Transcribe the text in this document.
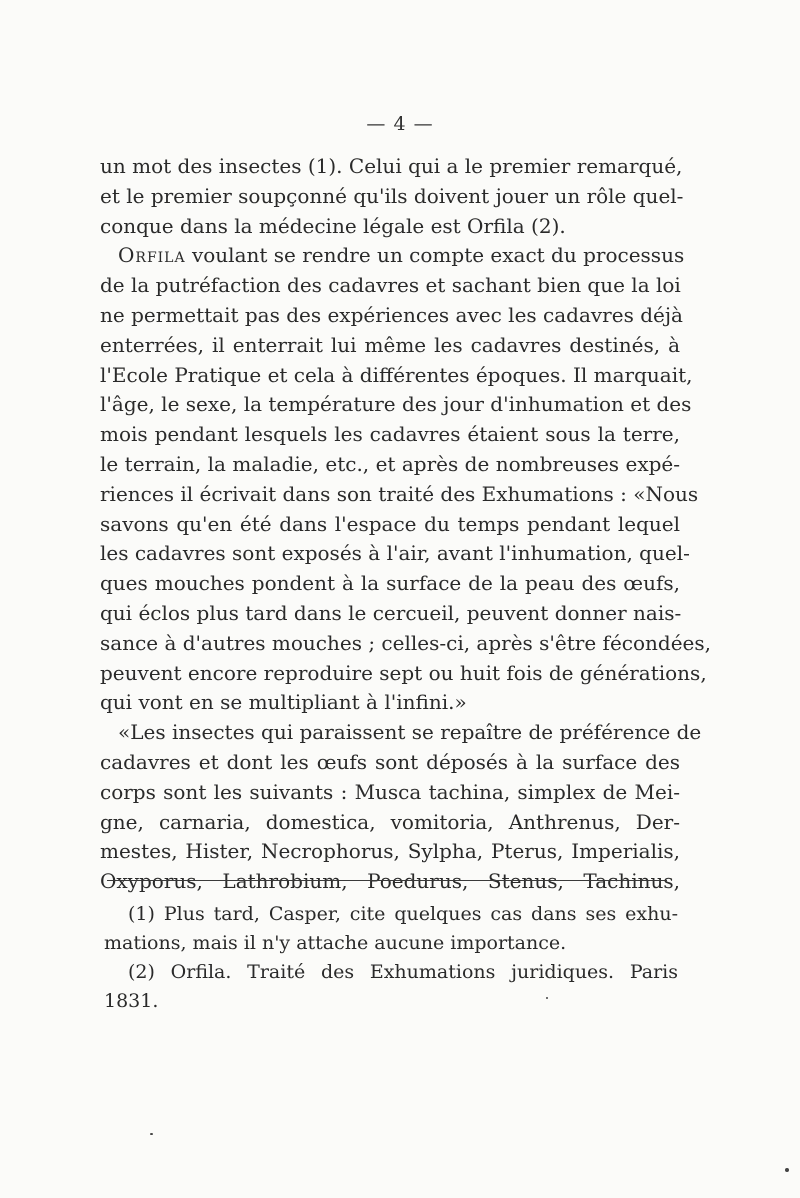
— 4 —
un mot des insectes (1). Celui qui a le premier remarqué,
et le premier soupçonné qu'ils doivent jouer un rôle quel-
conque dans la médecine légale est Orfila (2).
Orfila voulant se rendre un compte exact du processus
de la putréfaction des cadavres et sachant bien que la loi
ne permettait pas des expériences avec les cadavres déjà
enterrées, il enterrait lui même les cadavres destinés, à
l'Ecole Pratique et cela à différentes époques. Il marquait,
l'âge, le sexe, la température des jour d'inhumation et des
mois pendant lesquels les cadavres étaient sous la terre,
le terrain, la maladie, etc., et après de nombreuses expé-
riences il écrivait dans son traité des Exhumations : «Nous
savons qu'en été dans l'espace du temps pendant lequel
les cadavres sont exposés à l'air, avant l'inhumation, quel-
ques mouches pondent à la surface de la peau des œufs,
qui éclos plus tard dans le cercueil, peuvent donner nais-
sance à d'autres mouches ; celles-ci, après s'être fécondées,
peuvent encore reproduire sept ou huit fois de générations,
qui vont en se multipliant à l'infini.»
«Les insectes qui paraissent se repaître de préférence de
cadavres et dont les œufs sont déposés à la surface des
corps sont les suivants : Musca tachina, simplex de Mei-
gne, carnaria, domestica, vomitoria, Anthrenus, Der-
mestes, Hister, Necrophorus, Sylpha, Pterus, Imperialis,
Oxyporus, Lathrobium, Poedurus, Stenus, Tachinus,
(1) Plus tard, Casper, cite quelques cas dans ses exhu-
mations, mais il n'y attache aucune importance.
(2) Orfila. Traité des Exhumations juridiques. Paris
1831.
